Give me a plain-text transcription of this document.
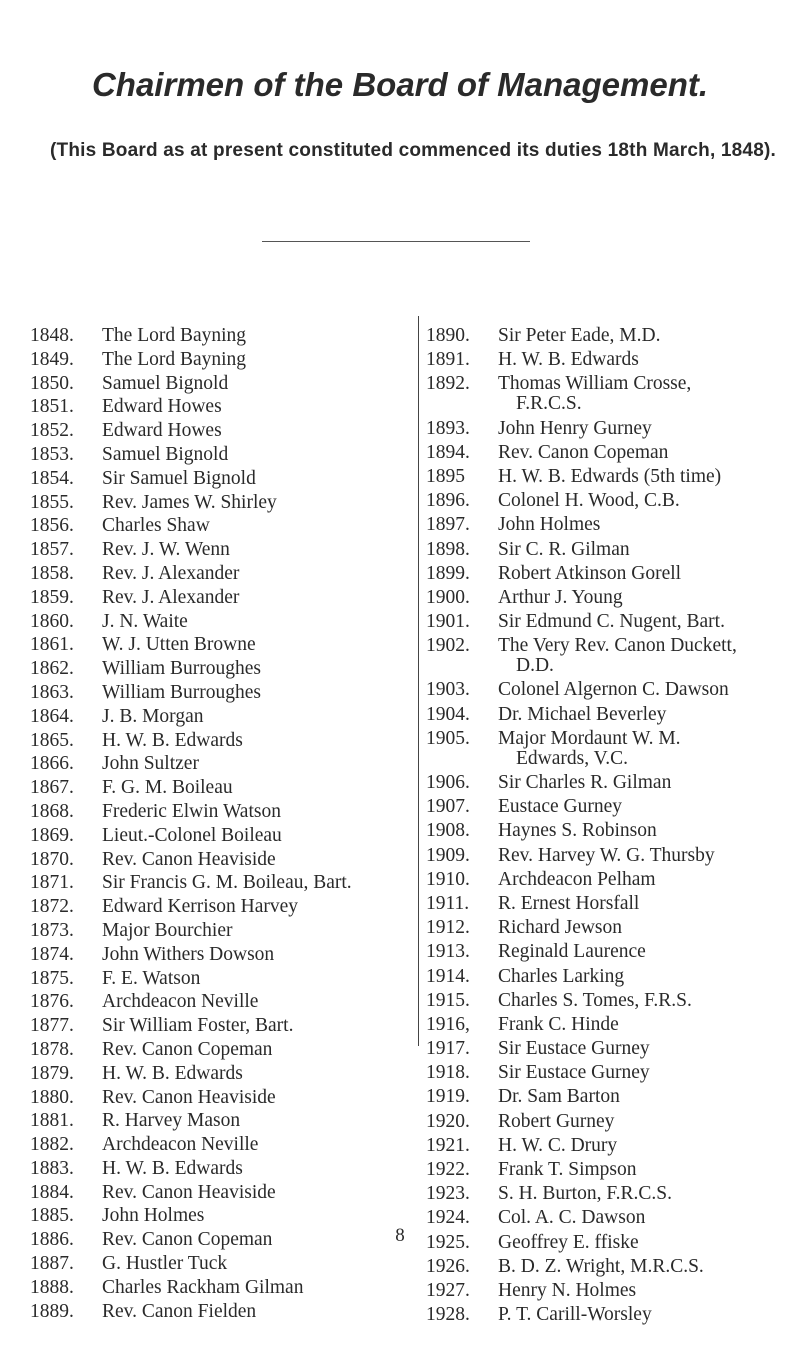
Chairmen of the Board of Management.
(This Board as at present constituted commenced its duties 18th March, 1848).
1848.	The Lord Bayning
1849.	The Lord Bayning
1850.	Samuel Bignold
1851.	Edward Howes
1852.	Edward Howes
1853.	Samuel Bignold
1854.	Sir Samuel Bignold
1855.	Rev. James W. Shirley
1856.	Charles Shaw
1857.	Rev. J. W. Wenn
1858.	Rev. J. Alexander
1859.	Rev. J. Alexander
1860.	J. N. Waite
1861.	W. J. Utten Browne
1862.	William Burroughes
1863.	William Burroughes
1864.	J. B. Morgan
1865.	H. W. B. Edwards
1866.	John Sultzer
1867.	F. G. M. Boileau
1868.	Frederic Elwin Watson
1869.	Lieut.-Colonel Boileau
1870.	Rev. Canon Heaviside
1871.	Sir Francis G. M. Boileau, Bart.
1872.	Edward Kerrison Harvey
1873.	Major Bourchier
1874.	John Withers Dowson
1875.	F. E. Watson
1876.	Archdeacon Neville
1877.	Sir William Foster, Bart.
1878.	Rev. Canon Copeman
1879.	H. W. B. Edwards
1880.	Rev. Canon Heaviside
1881.	R. Harvey Mason
1882.	Archdeacon Neville
1883.	H. W. B. Edwards
1884.	Rev. Canon Heaviside
1885.	John Holmes
1886.	Rev. Canon Copeman
1887.	G. Hustler Tuck
1888.	Charles Rackham Gilman
1889.	Rev. Canon Fielden
1890.	Sir Peter Eade, M.D.
1891.	H. W. B. Edwards
1892.	Thomas William Crosse,
F.R.C.S.
1893.	John Henry Gurney
1894.	Rev. Canon Copeman
1895	H. W. B. Edwards (5th time)
1896.	Colonel H. Wood, C.B.
1897.	John Holmes
1898.	Sir C. R. Gilman
1899.	Robert Atkinson Gorell
1900.	Arthur J. Young
1901.	Sir Edmund C. Nugent, Bart.
1902.	The Very Rev. Canon Duckett,
D.D.
1903.	Colonel Algernon C. Dawson
1904.	Dr. Michael Beverley
1905.	Major Mordaunt W. M.
Edwards, V.C.
1906.	Sir Charles R. Gilman
1907.	Eustace Gurney
1908.	Haynes S. Robinson
1909.	Rev. Harvey W. G. Thursby
1910.	Archdeacon Pelham
1911.	R. Ernest Horsfall
1912.	Richard Jewson
1913.	Reginald Laurence
1914.	Charles Larking
1915.	Charles S. Tomes, F.R.S.
1916,	Frank C. Hinde
1917.	Sir Eustace Gurney
1918.	Sir Eustace Gurney
1919.	Dr. Sam Barton
1920.	Robert Gurney
1921.	H. W. C. Drury
1922.	Frank T. Simpson
1923.	S. H. Burton, F.R.C.S.
1924.	Col. A. C. Dawson
1925.	Geoffrey E. ffiske
1926.	B. D. Z. Wright, M.R.C.S.
1927.	Henry N. Holmes
1928.	P. T. Carill-Worsley
8
